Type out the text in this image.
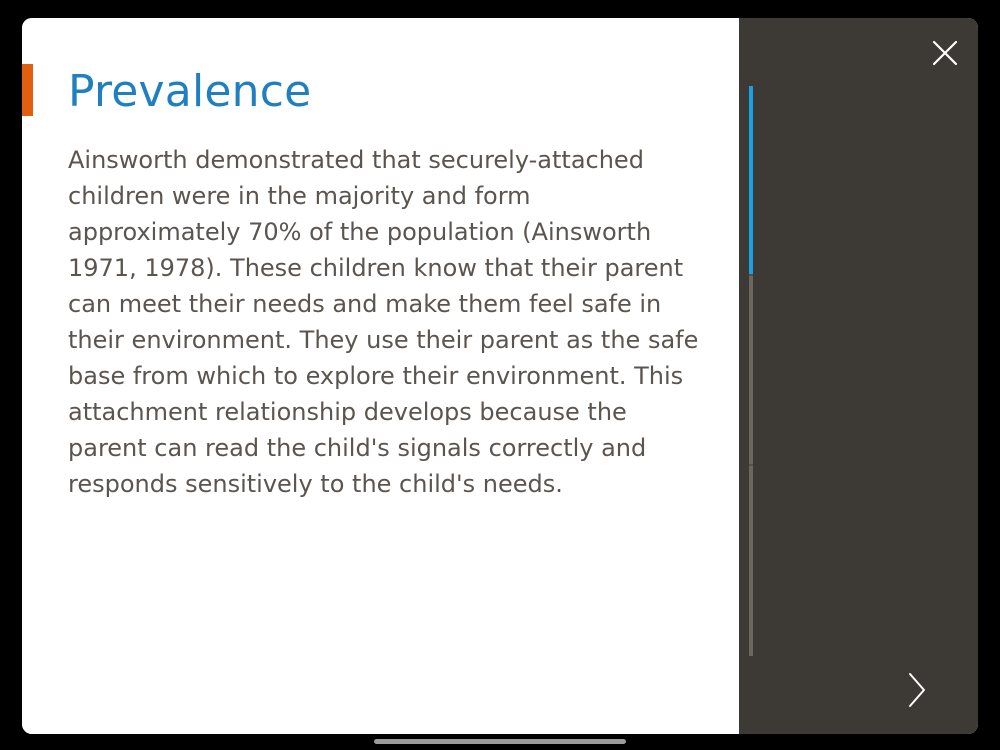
Prevalence

Ainsworth demonstrated that securely-attached children were in the majority and form approximately 70% of the population (Ainsworth 1971, 1978). These children know that their parent can meet their needs and make them feel safe in their environment. They use their parent as the safe base from which to explore their environment. This attachment relationship develops because the parent can read the child's signals correctly and responds sensitively to the child's needs.
